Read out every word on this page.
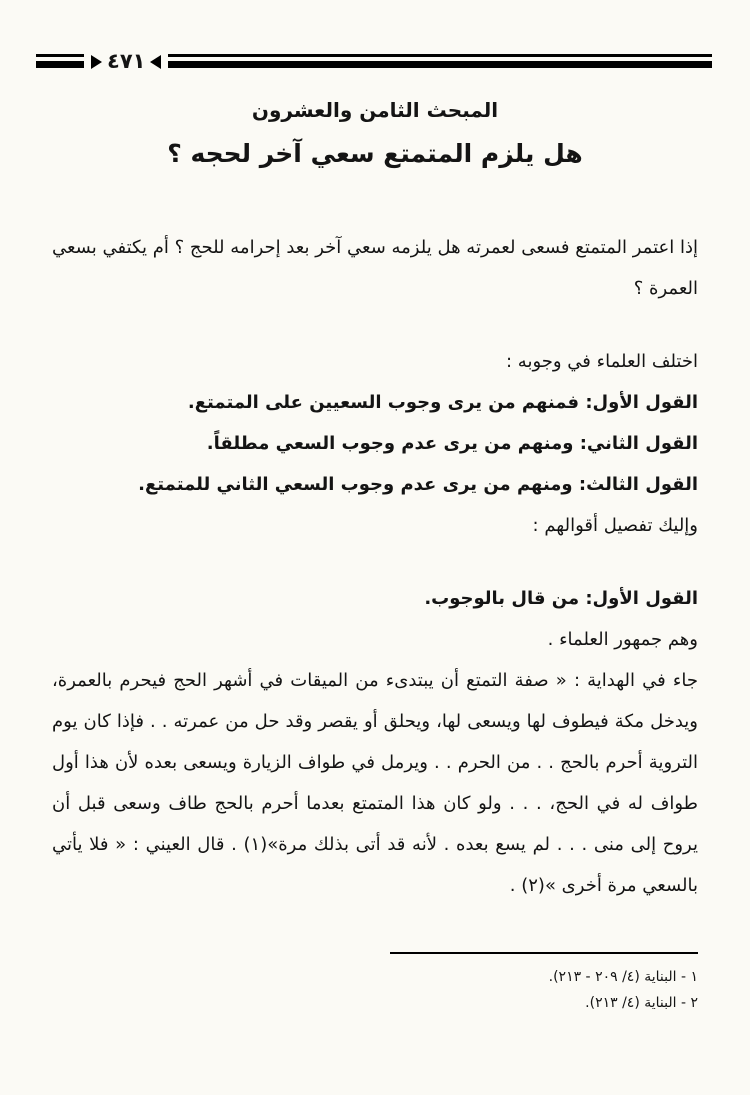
٤٧١
المبحث الثامن والعشرون
هل يلزم المتمتع سعي آخر لحجه ؟

إذا اعتمر المتمتع فسعى لعمرته هل يلزمه سعي آخر بعد إحرامه للحج ؟ أم يكتفي بسعي العمرة ؟

اختلف العلماء في وجوبه :

القول الأول: فمنهم من يرى وجوب السعيين على المتمتع.

القول الثاني: ومنهم من يرى عدم وجوب السعي مطلقاً.

القول الثالث: ومنهم من يرى عدم وجوب السعي الثاني للمتمتع.

وإليك تفصيل أقوالهم :

القول الأول: من قال بالوجوب.

وهم جمهور العلماء .

جاء في الهداية : « صفة التمتع أن يبتدىء من الميقات في أشهر الحج فيحرم بالعمرة، ويدخل مكة فيطوف لها ويسعى لها، ويحلق أو يقصر وقد حل من عمرته . . فإذا كان يوم التروية أحرم بالحج . . من الحرم . . ويرمل في طواف الزيارة ويسعى بعده لأن هذا أول طواف له في الحج، . . . ولو كان هذا المتمتع بعدما أحرم بالحج طاف وسعى قبل أن يروح إلى منى . . . لم يسع بعده . لأنه قد أتى بذلك مرة»(١) . قال العيني : « فلا يأتي بالسعي مرة أخرى »(٢) .

١ - البناية (٤/ ٢٠٩ - ٢١٣).
٢ - البناية (٤/ ٢١٣).
